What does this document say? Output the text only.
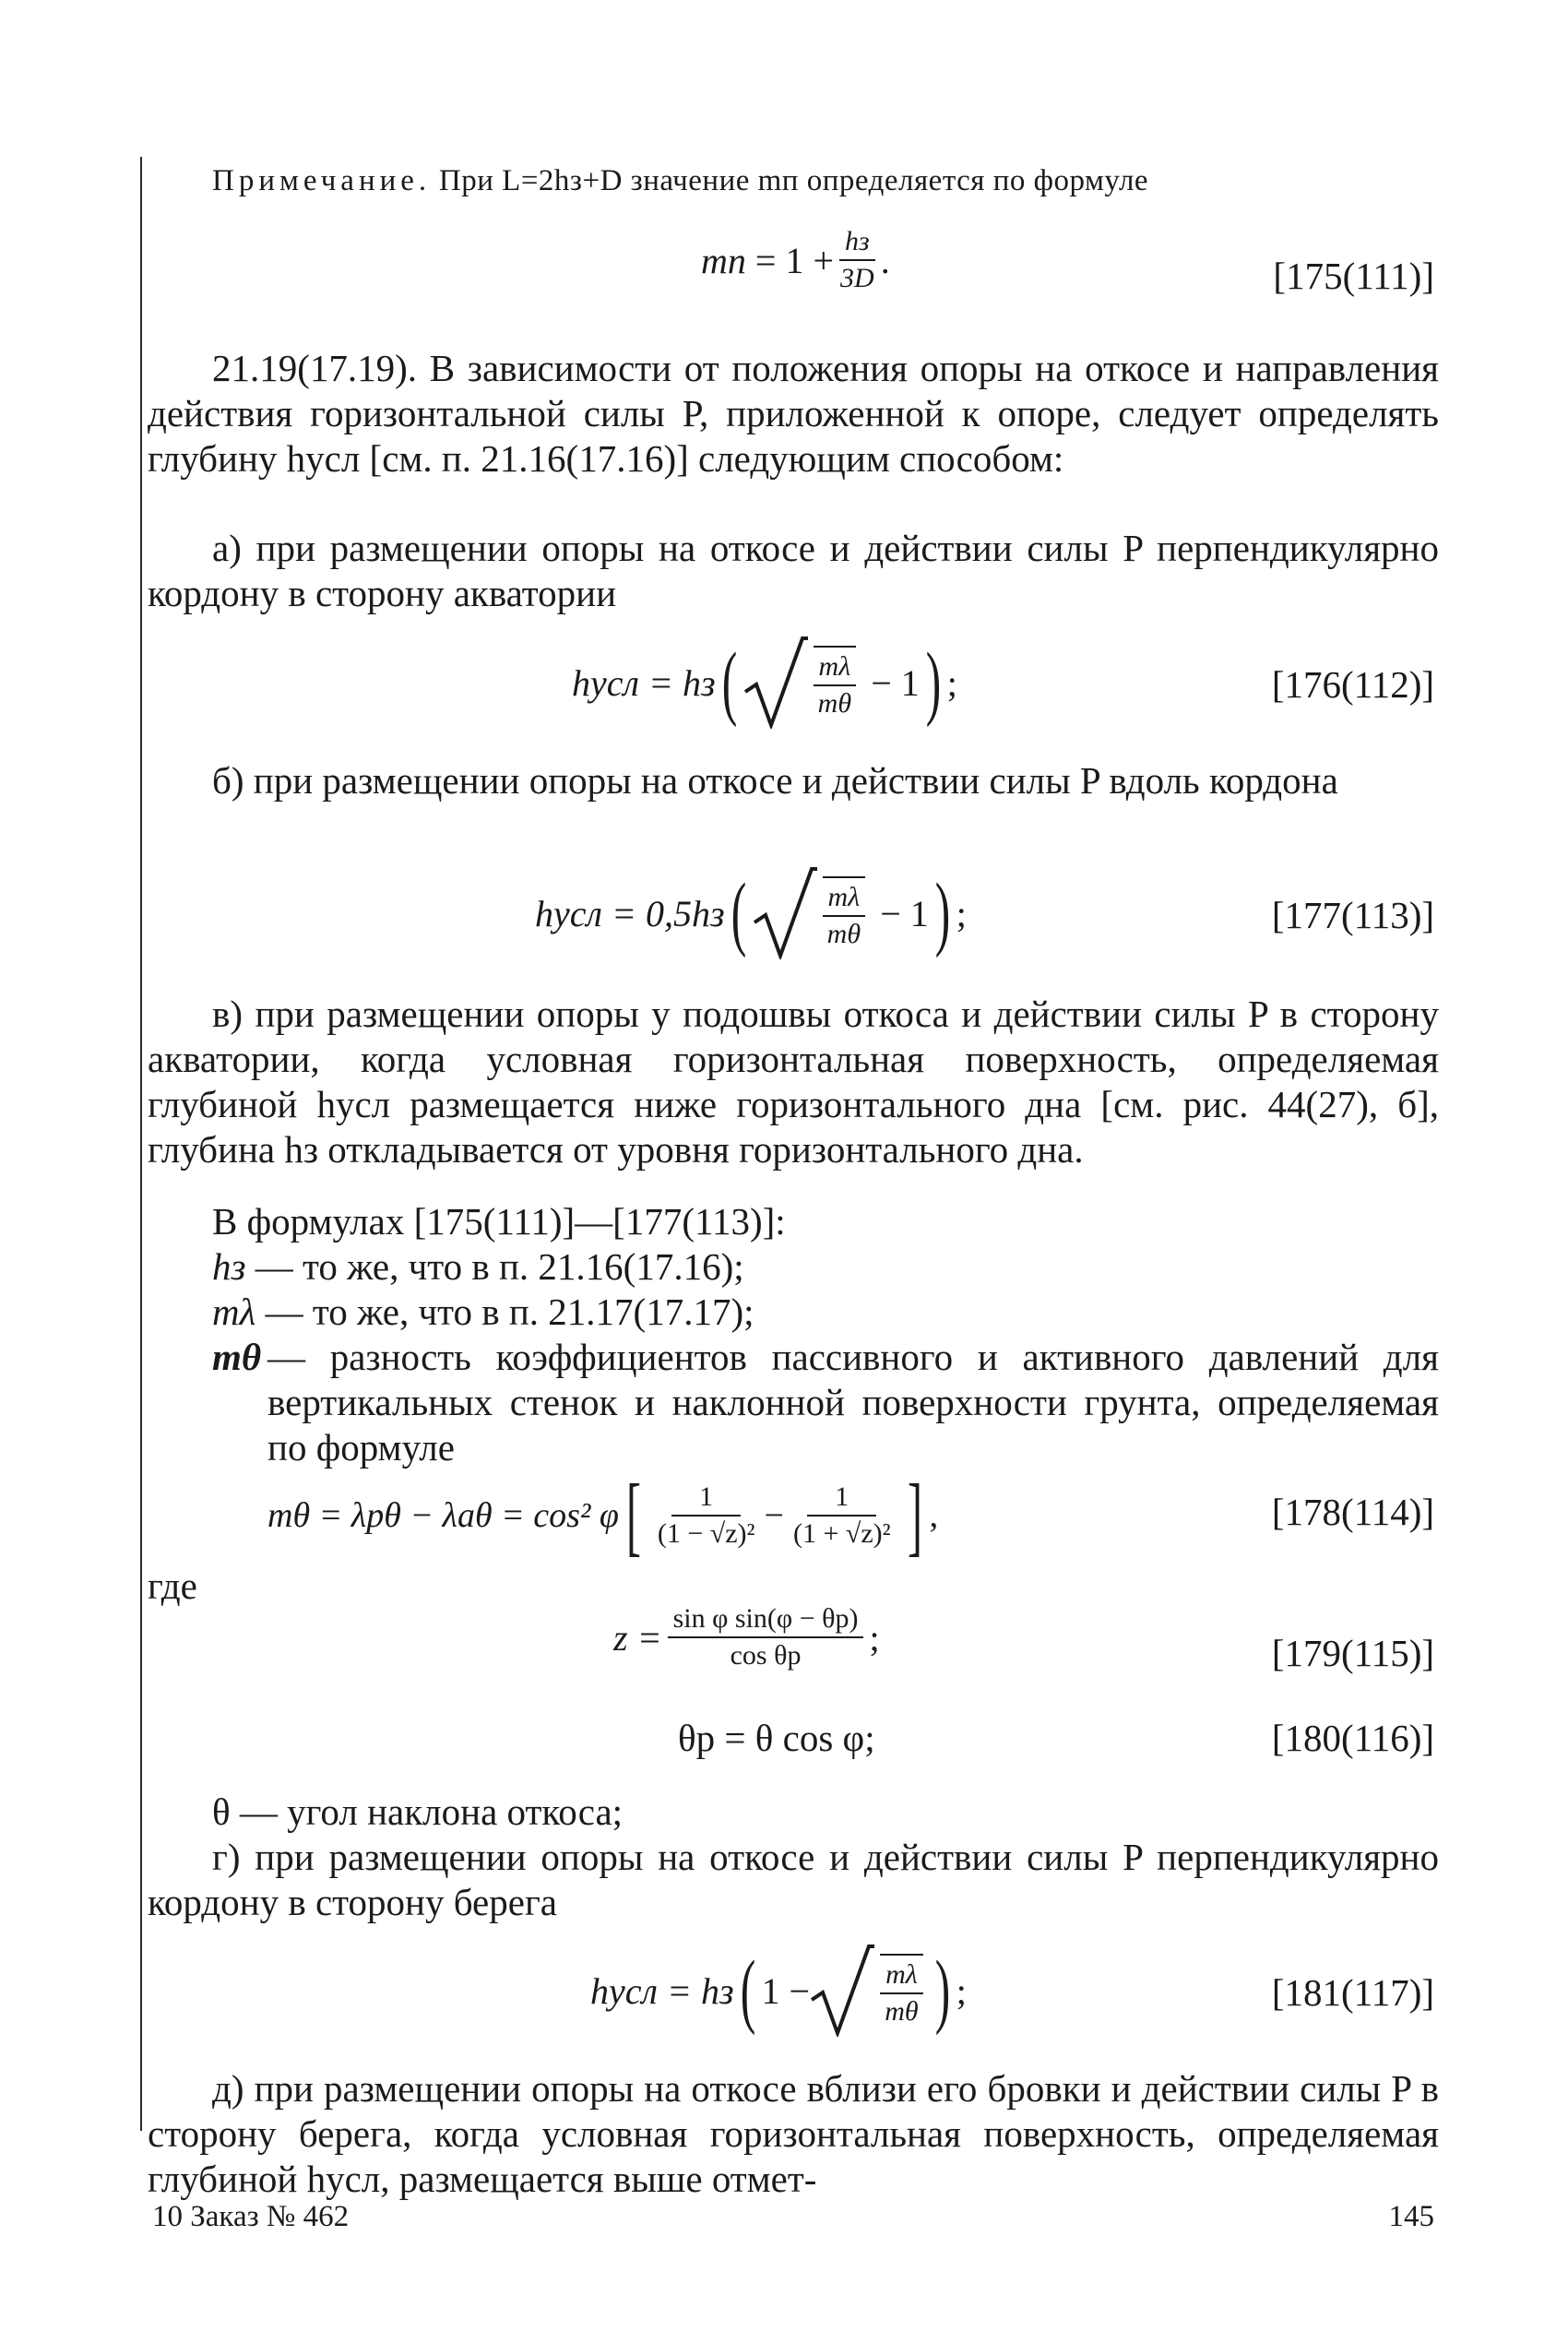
Примечание. При L=2hз+D значение mп определяется по формуле
mп
= $1 + \frac{hз}{3D}$ .	[175(111)]
21.19(17.19). В зависимости от положения опоры на откосе и направления действия горизонтальной силы P, приложенной к опоре, следует определять глубину hусл [см. п. 21.16(17.16)] следующим способом:
а) при размещении опоры на откосе и действии силы P перпендикулярно кордону в сторону акватории
hусл = hз (	$\frac{m\lambda}{m\theta}$
− 1 ) ;	[176(112)]
б) при размещении опоры на откосе и действии силы P вдоль кордона
hусл = 0,5hз (	$\frac{m\lambda}{m\theta}$
− 1 ) ;	[177(113)]
в) при размещении опоры у подошвы откоса и действии силы P в сторону акватории, когда условная горизонтальная поверхность, определяемая глубиной hусл размещается ниже горизонтального дна [см. рис. 44(27), б], глубина hз откладывается от уровня горизонтального дна.
В формулах [175(111)]—[177(113)]:
hз — то же, что в п. 21.16(17.16);
mλ — то же, что в п. 21.17(17.17);
mθ — разность коэффициентов пассивного и активного давлений для вертикальных стенок и наклонной поверхности грунта, определяемая по формуле
mθ = λpθ − λaθ = cos² φ [ $\frac{1}{\text{(1 − √z)²}} - \frac{1}{\text{(1 + √z)²}}$ ] ,	[178(114)]
где
$z = \frac{\text{sin φ sin(φ − θp)}}{\text{cos θp}}$ ;	[179(115)]
θp = θ cos φ;	[180(116)]
θ — угол наклона откоса;
г) при размещении опоры на откосе и действии силы P перпендикулярно кордону в сторону берега
hусл = hз ( 1 −	$\frac{m\lambda}{m\theta}$ ) ;	[181(117)]
д) при размещении опоры на откосе вблизи его бровки и действии силы P в сторону берега, когда условная горизонтальная поверхность, определяемая глубиной hусл, размещается выше отмет-
10 Заказ № 462	145
